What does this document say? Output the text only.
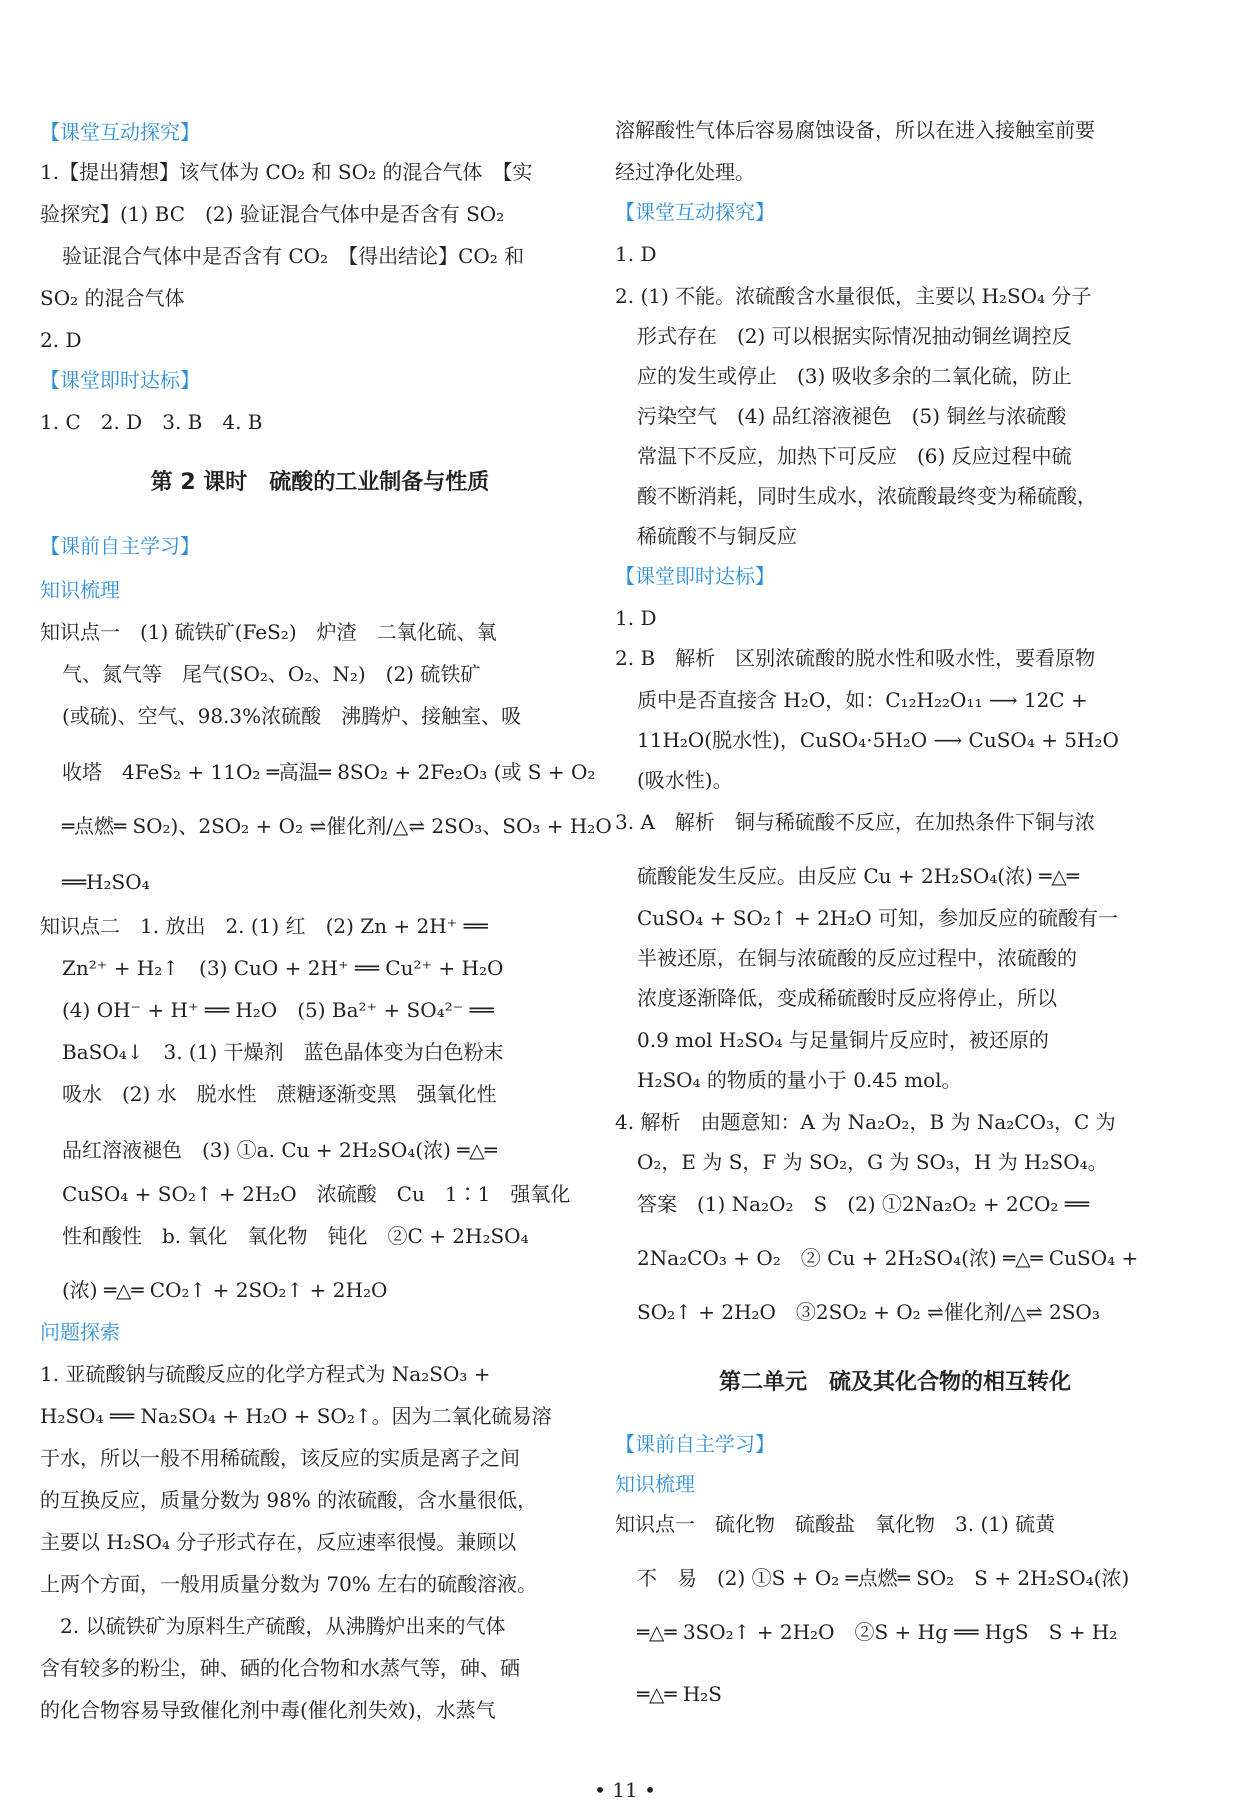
【课堂互动探究】
1.【提出猜想】该气体为 CO₂ 和 SO₂ 的混合气体　【实
验探究】(1) BC　(2) 验证混合气体中是否含有 SO₂
验证混合气体中是否含有 CO₂　【得出结论】CO₂ 和
SO₂ 的混合气体
2. D
【课堂即时达标】
1. C　2. D　3. B　4. B
第 2 课时　硫酸的工业制备与性质
【课前自主学习】
知识梳理
知识点一　(1) 硫铁矿(FeS₂)　炉渣　二氧化硫、氧
气、氮气等　尾气(SO₂、O₂、N₂)　(2) 硫铁矿
(或硫)、空气、98.3%浓硫酸　沸腾炉、接触室、吸
收塔　4FeS₂ + 11O₂ ═高温═ 8SO₂ + 2Fe₂O₃ (或 S + O₂
═点燃═ SO₂)、2SO₂ + O₂ ⇌催化剂/△⇌ 2SO₃、SO₃ + H₂O
══H₂SO₄
知识点二　1. 放出　2. (1) 红　(2) Zn + 2H⁺ ══
Zn²⁺ + H₂↑　(3) CuO + 2H⁺ ══ Cu²⁺ + H₂O
(4) OH⁻ + H⁺ ══ H₂O　(5) Ba²⁺ + SO₄²⁻ ══
BaSO₄↓　3. (1) 干燥剂　蓝色晶体变为白色粉末
吸水　(2) 水　脱水性　蔗糖逐渐变黑　强氧化性
品红溶液褪色　(3) ①a. Cu + 2H₂SO₄(浓) ═△═
CuSO₄ + SO₂↑ + 2H₂O　浓硫酸　Cu　1∶1　强氧化
性和酸性　b. 氧化　氧化物　钝化　②C + 2H₂SO₄
(浓) ═△═ CO₂↑ + 2SO₂↑ + 2H₂O
问题探索
1. 亚硫酸钠与硫酸反应的化学方程式为 Na₂SO₃ +
H₂SO₄ ══ Na₂SO₄ + H₂O + SO₂↑。因为二氧化硫易溶
于水，所以一般不用稀硫酸，该反应的实质是离子之间
的互换反应，质量分数为 98% 的浓硫酸，含水量很低，
主要以 H₂SO₄ 分子形式存在，反应速率很慢。兼顾以
上两个方面，一般用质量分数为 70% 左右的硫酸溶液。
　2. 以硫铁矿为原料生产硫酸，从沸腾炉出来的气体
含有较多的粉尘，砷、硒的化合物和水蒸气等，砷、硒
的化合物容易导致催化剂中毒(催化剂失效)，水蒸气
溶解酸性气体后容易腐蚀设备，所以在进入接触室前要
经过净化处理。
【课堂互动探究】
1. D
2. (1) 不能。浓硫酸含水量很低，主要以 H₂SO₄ 分子
形式存在　(2) 可以根据实际情况抽动铜丝调控反
应的发生或停止　(3) 吸收多余的二氧化硫，防止
污染空气　(4) 品红溶液褪色　(5) 铜丝与浓硫酸
常温下不反应，加热下可反应　(6) 反应过程中硫
酸不断消耗，同时生成水，浓硫酸最终变为稀硫酸，
稀硫酸不与铜反应
【课堂即时达标】
1. D
2. B　解析　区别浓硫酸的脱水性和吸水性，要看原物
质中是否直接含 H₂O，如：C₁₂H₂₂O₁₁ ⟶ 12C +
11H₂O(脱水性)，CuSO₄·5H₂O ⟶ CuSO₄ + 5H₂O
(吸水性)。
3. A　解析　铜与稀硫酸不反应，在加热条件下铜与浓
硫酸能发生反应。由反应 Cu + 2H₂SO₄(浓) ═△═
CuSO₄ + SO₂↑ + 2H₂O 可知，参加反应的硫酸有一
半被还原，在铜与浓硫酸的反应过程中，浓硫酸的
浓度逐渐降低，变成稀硫酸时反应将停止，所以
0.9 mol H₂SO₄ 与足量铜片反应时，被还原的
H₂SO₄ 的物质的量小于 0.45 mol。
4. 解析　由题意知：A 为 Na₂O₂，B 为 Na₂CO₃，C 为
O₂，E 为 S，F 为 SO₂，G 为 SO₃，H 为 H₂SO₄。
答案　(1) Na₂O₂　S　(2) ①2Na₂O₂ + 2CO₂ ══
2Na₂CO₃ + O₂　② Cu + 2H₂SO₄(浓) ═△═ CuSO₄ +
SO₂↑ + 2H₂O　③2SO₂ + O₂ ⇌催化剂/△⇌ 2SO₃
第二单元　硫及其化合物的相互转化
【课前自主学习】
知识梳理
知识点一　硫化物　硫酸盐　氧化物　3. (1) 硫黄
不　易　(2) ①S + O₂ ═点燃═ SO₂　S + 2H₂SO₄(浓)
═△═ 3SO₂↑ + 2H₂O　②S + Hg ══ HgS　S + H₂
═△═ H₂S
• 11 •
